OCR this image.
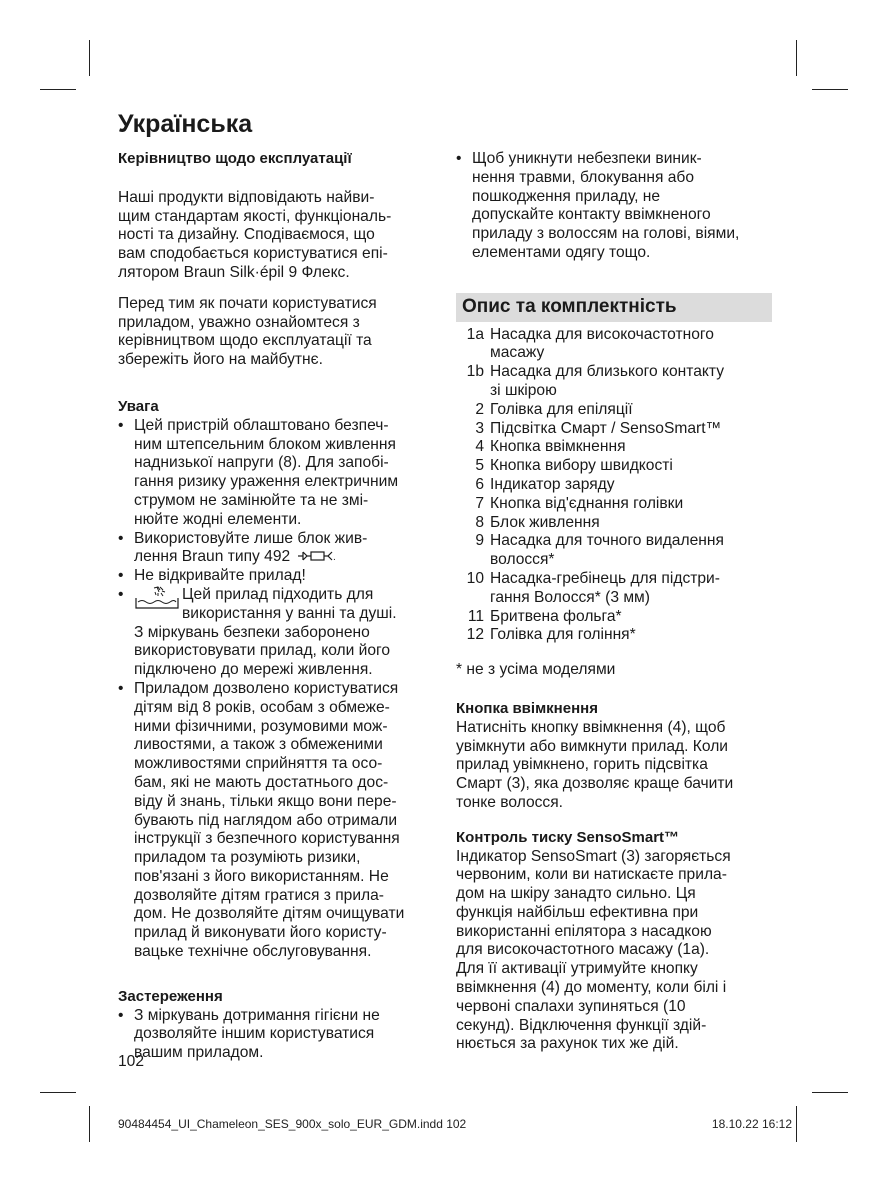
Українська
Керівництво щодо експлуатації
Наші продукти відповідають найви-
щим стандартам якості, функціональ-
ності та дизайну. Сподіваємося, що
вам сподобається користуватися епі-
лятором Braun Silk·épil 9 Флекс.
Перед тим як почати користуватися
приладом, уважно ознайомтеся з
керівництвом щодо експлуатації та
збережіть його на майбутнє.
Увага
• Цей пристрій облаштовано безпеч-
ним штепсельним блоком живлення
наднизької напруги (8). Для запобі-
гання ризику ураження електричним
струмом не замінюйте та не змі-
нюйте жодні елементи.
• Використовуйте лише блок жив-
лення Braun типу 492	.
• Не відкривайте прилад!
•	Цей прилад підходить для
використання у ванні та душі.
З міркувань безпеки заборонено
використовувати прилад, коли його
підключено до мережі живлення.
• Приладом дозволено користуватися
дітям від 8 років, особам з обмеже-
ними фізичними, розумовими мож-
ливостями, а також з обмеженими
можливостями сприйняття та осо-
бам, які не мають достатнього дос-
віду й знань, тільки якщо вони пере-
бувають під наглядом або отримали
інструкції з безпечного користування
приладом та розуміють ризики,
пов'язані з його використанням. Не
дозволяйте дітям гратися з прила-
дом. Не дозволяйте дітям очищувати
прилад й виконувати його користу-
вацьке технічне обслуговування.
Застереження
• З міркувань дотримання гігієни не
дозволяйте іншим користуватися
вашим приладом.
102
• Щоб уникнути небезпеки виник-
нення травми, блокування або
пошкодження приладу, не
допускайте контакту ввімкненого
приладу з волоссям на голові, віями,
елементами одягу тощо.
Опис та комплектність
1a Насадка для високочастотного
масажу
1b Насадка для близького контакту
зі шкірою
2 Голівка для епіляції
3 Підсвітка Смарт / SensoSmart™
4 Кнопка ввімкнення
5 Кнопка вибору швидкості
6 Індикатор заряду
7 Кнопка від'єднання голівки
8 Блок живлення
9 Насадка для точного видалення
волосся*
10 Насадка-гребінець для підстри-
гання Волосся* (3 мм)
11 Бритвена фольга*
12 Голівка для гоління*
* не з усіма моделями
Кнопка ввімкнення
Натисніть кнопку ввімкнення (4), щоб
увімкнути або вимкнути прилад. Коли
прилад увімкнено, горить підсвітка
Смарт (3), яка дозволяє краще бачити
тонке волосся.
Контроль тиску SensoSmart™
Індикатор SensoSmart (3) загоряється
червоним, коли ви натискаєте прила-
дом на шкіру занадто сильно. Ця
функція найбільш ефективна при
використанні епілятора з насадкою
для високочастотного масажу (1a).
Для її активації утримуйте кнопку
ввімкнення (4) до моменту, коли білі і
червоні спалахи зупиняться (10
секунд). Відключення функції здій-
нюється за рахунок тих же дій.
90484454_UI_Chameleon_SES_900x_solo_EUR_GDM.indd 102	18.10.22 16:12
